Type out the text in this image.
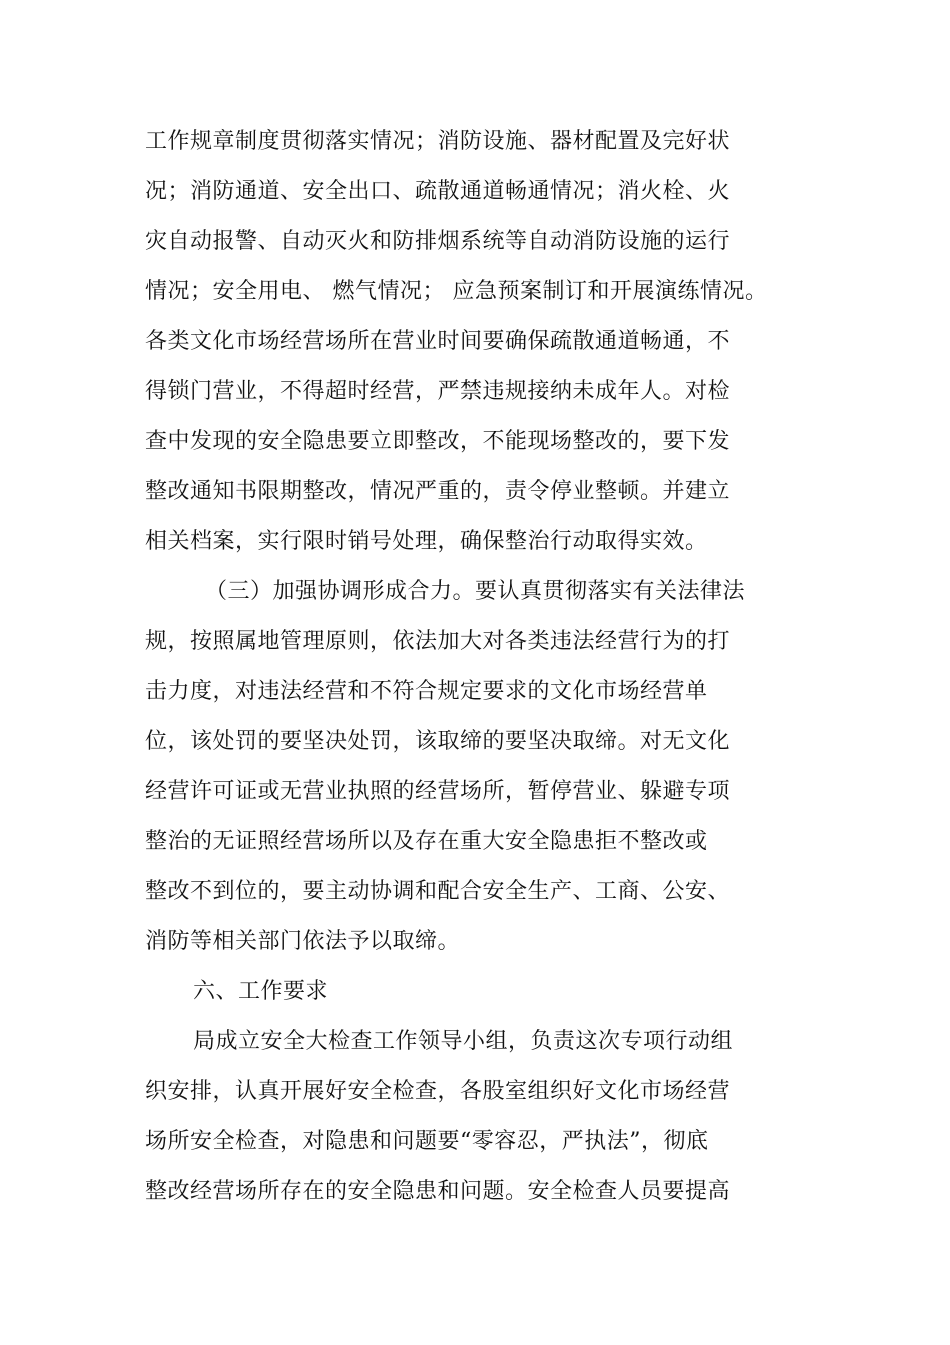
工作规章制度贯彻落实情况；消防设施、器材配置及完好状
况；消防通道、安全出口、疏散通道畅通情况；消火栓、火
灾自动报警、自动灭火和防排烟系统等自动消防设施的运行
情况；安全用电、 燃气情况； 应急预案制订和开展演练情况。
各类文化市场经营场所在营业时间要确保疏散通道畅通，不
得锁门营业，不得超时经营，严禁违规接纳未成年人。对检
查中发现的安全隐患要立即整改，不能现场整改的，要下发
整改通知书限期整改，情况严重的，责令停业整顿。并建立
相关档案，实行限时销号处理，确保整治行动取得实效。
（三）加强协调形成合力。要认真贯彻落实有关法律法
规，按照属地管理原则，依法加大对各类违法经营行为的打
击力度，对违法经营和不符合规定要求的文化市场经营单
位，该处罚的要坚决处罚，该取缔的要坚决取缔。对无文化
经营许可证或无营业执照的经营场所，暂停营业、躲避专项
整治的无证照经营场所以及存在重大安全隐患拒不整改或
整改不到位的，要主动协调和配合安全生产、工商、公安、
消防等相关部门依法予以取缔。
六、工作要求
局成立安全大检查工作领导小组，负责这次专项行动组
织安排，认真开展好安全检查，各股室组织好文化市场经营
场所安全检查，对隐患和问题要“零容忍，严执法”，彻底
整改经营场所存在的安全隐患和问题。安全检查人员要提高
